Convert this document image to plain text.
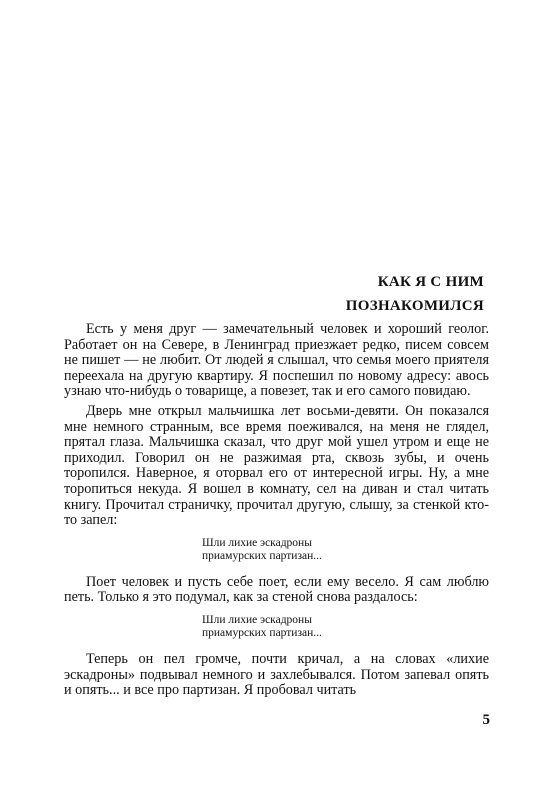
КАК Я С НИМ
ПОЗНАКОМИЛСЯ

Есть у меня друг — замечательный человек и хороший геолог. Работает он на Севере, в Ленинград приезжает редко, писем совсем не пишет — не любит. От людей я слышал, что семья моего приятеля переехала на другую квартиру. Я поспешил по новому адресу: авось узнаю что-нибудь о товарище, а повезет, так и его самого повидаю.

Дверь мне открыл мальчишка лет восьми-девяти. Он показался мне немного странным, все время поеживался, на меня не глядел, прятал глаза. Мальчишка сказал, что друг мой ушел утром и еще не приходил. Говорил он не разжимая рта, сквозь зубы, и очень торопился. Наверное, я оторвал его от интересной игры. Ну, а мне торопиться некуда. Я вошел в комнату, сел на диван и стал читать книгу. Прочитал страничку, прочитал другую, слышу, за стенкой кто-то запел:

Шли лихие эскадроны
приамурских партизан...

Поет человек и пусть себе поет, если ему весело. Я сам люблю петь. Только я это подумал, как за стеной снова раздалось:

Шли лихие эскадроны
приамурских партизан...

Теперь он пел громче, почти кричал, а на словах «лихие эскадроны» подвывал немного и захлебывался. Потом запевал опять и опять... и все про партизан. Я пробовал читать

5
